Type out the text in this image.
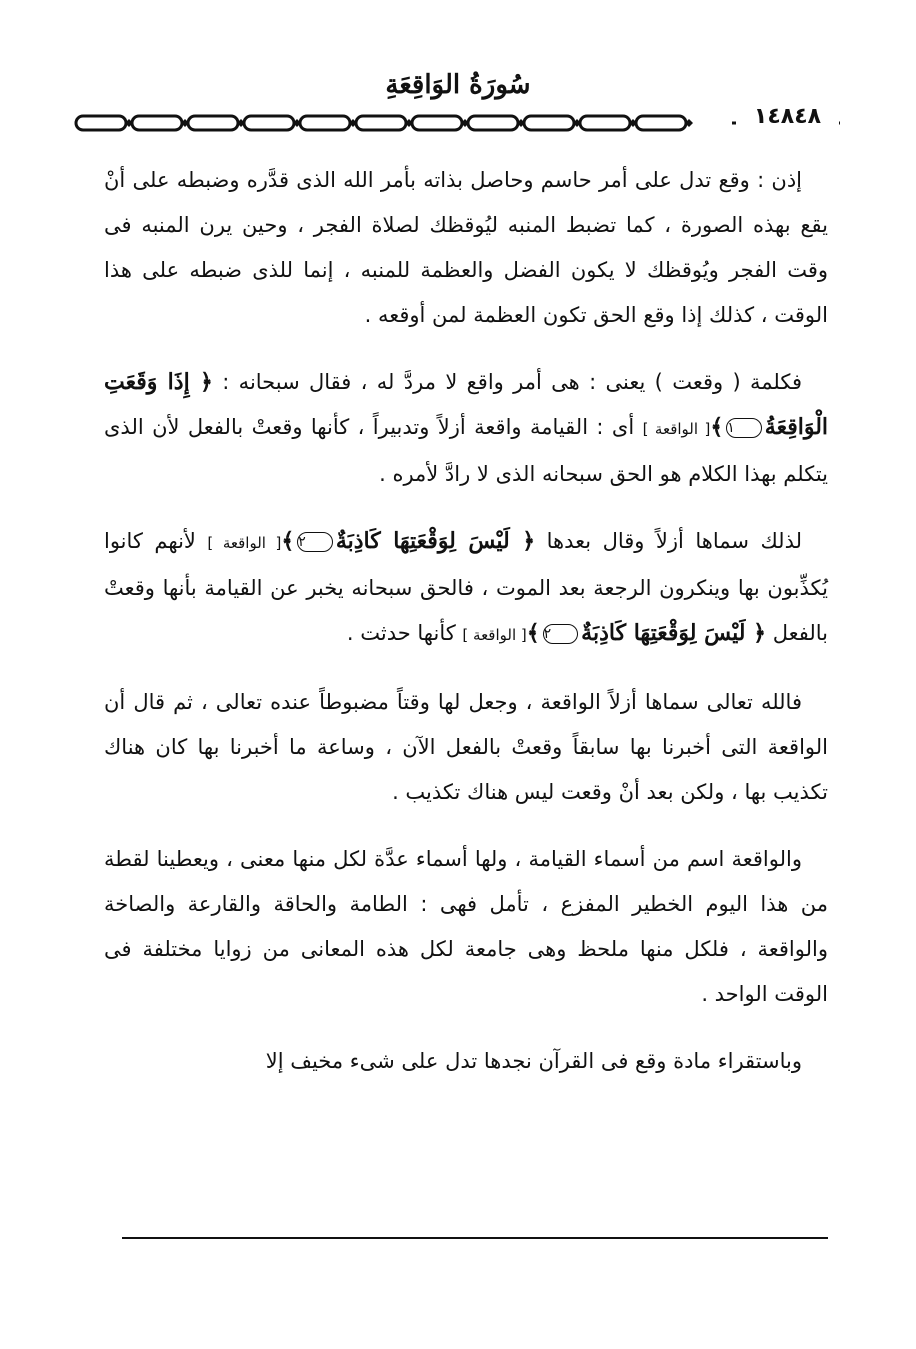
سُورَةُ الوَاقِعَةِ
١٤٨٤٨

إذن : وقع تدل على أمر حاسم وحاصل بذاته بأمر الله الذى قدَّره وضبطه على أنْ يقع بهذه الصورة ، كما تضبط المنبه ليُوقظك لصلاة الفجر ، وحين يرن المنبه فى وقت الفجر ويُوقظك لا يكون الفضل والعظمة للمنبه ، إنما للذى ضبطه على هذا الوقت ، كذلك إذا وقع الحق تكون العظمة لمن أوقعه .

فكلمة ( وقعت ) يعنى : هى أمر واقع لا مردَّ له ، فقال سبحانه : ﴿ إِذَا وَقَعَتِ الْوَاقِعَةُ١﴾[ الواقعة ] أى : القيامة واقعة أزلاً وتدبيراً ، كأنها وقعتْ بالفعل لأن الذى يتكلم بهذا الكلام هو الحق سبحانه الذى لا رادَّ لأمره .

لذلك سماها أزلاً وقال بعدها ﴿ لَيْسَ لِوَقْعَتِهَا كَاذِبَةٌ٢﴾[ الواقعة ] لأنهم كانوا يُكذِّبون بها وينكرون الرجعة بعد الموت ، فالحق سبحانه يخبر عن القيامة بأنها وقعتْ بالفعل ﴿ لَيْسَ لِوَقْعَتِهَا كَاذِبَةٌ٢﴾[ الواقعة ] كأنها حدثت .

فالله تعالى سماها أزلاً الواقعة ، وجعل لها وقتاً مضبوطاً عنده تعالى ، ثم قال أن الواقعة التى أخبرنا بها سابقاً وقعتْ بالفعل الآن ، وساعة ما أخبرنا بها كان هناك تكذيب بها ، ولكن بعد أنْ وقعت ليس هناك تكذيب .

والواقعة اسم من أسماء القيامة ، ولها أسماء عدَّة لكل منها معنى ، ويعطينا لقطة من هذا اليوم الخطير المفزع ، تأمل فهى : الطامة والحاقة والقارعة والصاخة والواقعة ، فلكل منها ملحظ وهى جامعة لكل هذه المعانى من زوايا مختلفة فى الوقت الواحد .

وباستقراء مادة وقع فى القرآن نجدها تدل على شىء مخيف إلا
